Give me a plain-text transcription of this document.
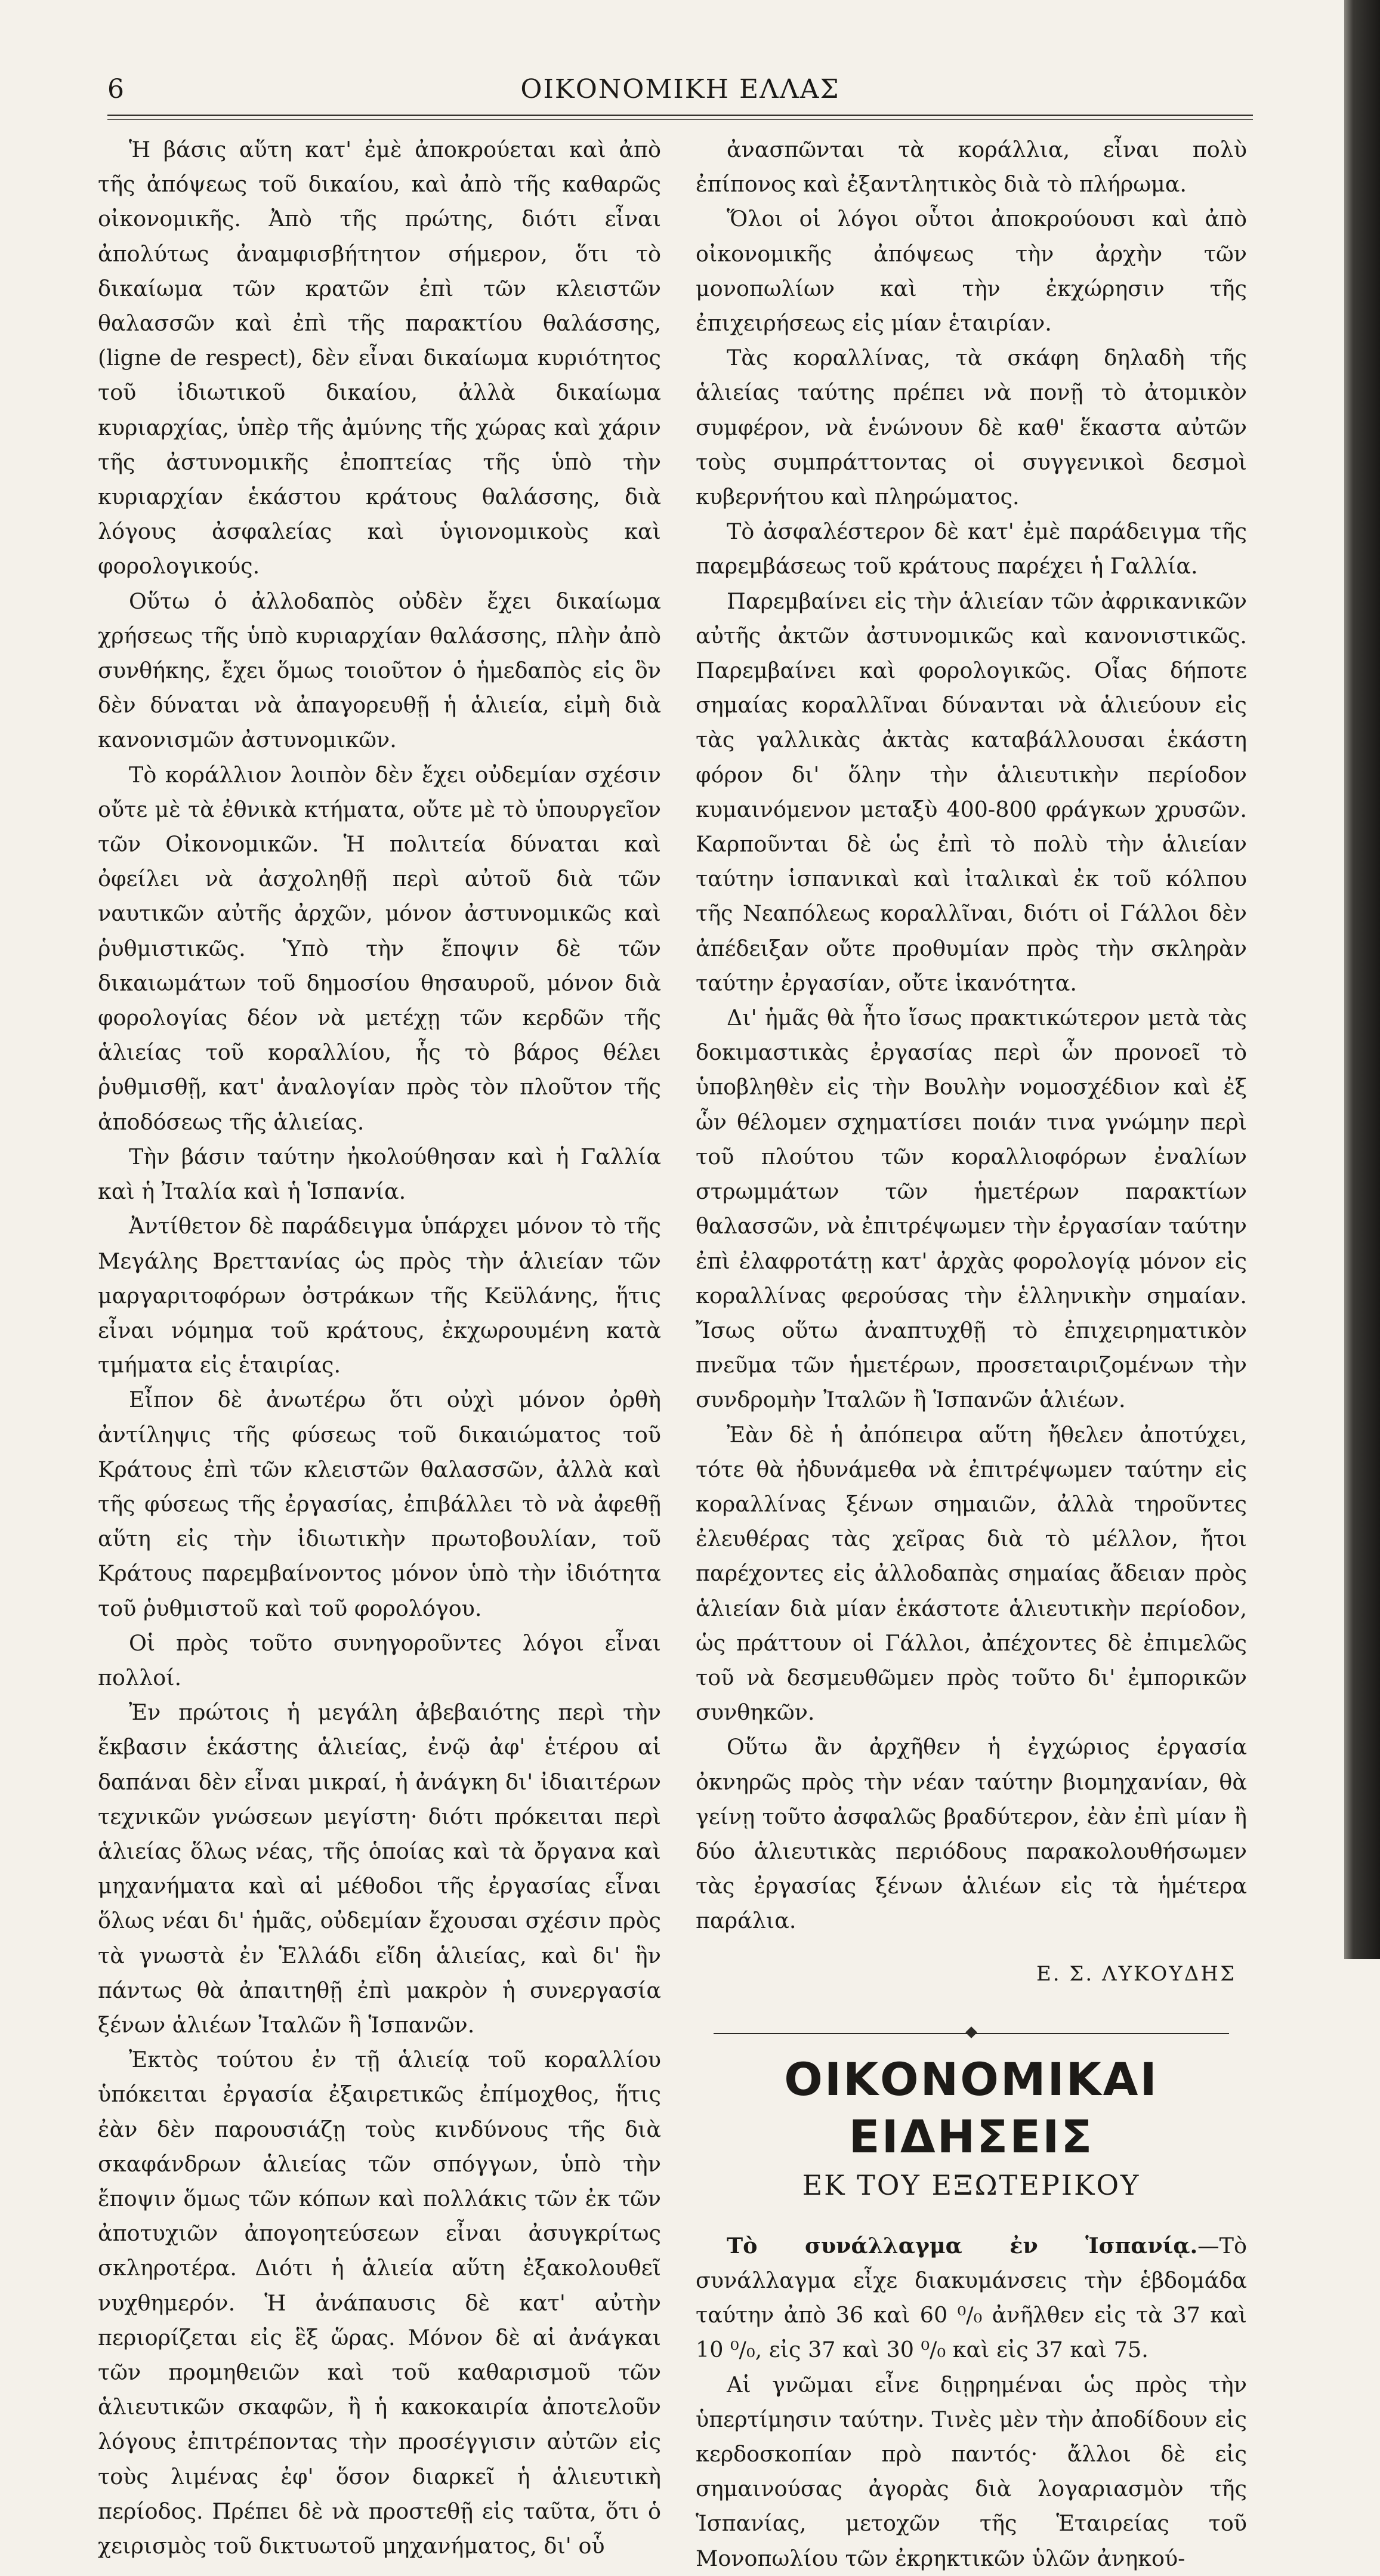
6	ΟΙΚΟΝΟΜΙΚΗ ΕΛΛΑΣ

Ἡ βάσις αὕτη κατ' ἐμὲ ἀποκρούεται καὶ ἀπὸ τῆς ἀπόψεως τοῦ δικαίου, καὶ ἀπὸ τῆς καθαρῶς οἰκονομικῆς. Ἀπὸ τῆς πρώτης, διότι εἶναι ἀπολύτως ἀναμφισβήτητον σήμερον, ὅτι τὸ δικαίωμα τῶν κρατῶν ἐπὶ τῶν κλειστῶν θαλασσῶν καὶ ἐπὶ τῆς παρακτίου θαλάσσης, (ligne de respect), δὲν εἶναι δικαίωμα κυριότητος τοῦ ἰδιωτικοῦ δικαίου, ἀλλὰ δικαίωμα κυριαρχίας, ὑπὲρ τῆς ἀμύνης τῆς χώρας καὶ χάριν τῆς ἀστυνομικῆς ἐποπτείας τῆς ὑπὸ τὴν κυριαρχίαν ἑκάστου κράτους θαλάσσης, διὰ λόγους ἀσφαλείας καὶ ὑγιονομικοὺς καὶ φορολογικούς.

Οὕτω ὁ ἀλλοδαπὸς οὐδὲν ἔχει δικαίωμα χρήσεως τῆς ὑπὸ κυριαρχίαν θαλάσσης, πλὴν ἀπὸ συνθήκης, ἔχει ὅμως τοιοῦτον ὁ ἡμεδαπὸς εἰς ὃν δὲν δύναται νὰ ἀπαγορευθῇ ἡ ἁλιεία, εἰμὴ διὰ κανονισμῶν ἀστυνομικῶν.

Τὸ κοράλλιον λοιπὸν δὲν ἔχει οὐδεμίαν σχέσιν οὔτε μὲ τὰ ἐθνικὰ κτήματα, οὔτε μὲ τὸ ὑπουργεῖον τῶν Οἰκονομικῶν. Ἡ πολιτεία δύναται καὶ ὀφείλει νὰ ἀσχοληθῇ περὶ αὐτοῦ διὰ τῶν ναυτικῶν αὐτῆς ἀρχῶν, μόνον ἀστυνομικῶς καὶ ῥυθμιστικῶς. Ὑπὸ τὴν ἔποψιν δὲ τῶν δικαιωμάτων τοῦ δημοσίου θησαυροῦ, μόνον διὰ φορολογίας δέον νὰ μετέχῃ τῶν κερδῶν τῆς ἁλιείας τοῦ κοραλλίου, ἧς τὸ βάρος θέλει ῥυθμισθῇ, κατ' ἀναλογίαν πρὸς τὸν πλοῦτον τῆς ἀποδόσεως τῆς ἁλιείας.

Τὴν βάσιν ταύτην ἠκολούθησαν καὶ ἡ Γαλλία καὶ ἡ Ἰταλία καὶ ἡ Ἱσπανία.

Ἀντίθετον δὲ παράδειγμα ὑπάρχει μόνον τὸ τῆς Μεγάλης Βρεττανίας ὡς πρὸς τὴν ἁλιείαν τῶν μαργαριτοφόρων ὀστράκων τῆς Κεϋλάνης, ἥτις εἶναι νόμημα τοῦ κράτους, ἐκχωρουμένη κατὰ τμήματα εἰς ἑταιρίας.

Εἶπον δὲ ἀνωτέρω ὅτι οὐχὶ μόνον ὀρθὴ ἀντίληψις τῆς φύσεως τοῦ δικαιώματος τοῦ Κράτους ἐπὶ τῶν κλειστῶν θαλασσῶν, ἀλλὰ καὶ τῆς φύσεως τῆς ἐργασίας, ἐπιβάλλει τὸ νὰ ἀφεθῇ αὕτη εἰς τὴν ἰδιωτικὴν πρωτοβουλίαν, τοῦ Κράτους παρεμβαίνοντος μόνον ὑπὸ τὴν ἰδιότητα τοῦ ῥυθμιστοῦ καὶ τοῦ φορολόγου.

Οἱ πρὸς τοῦτο συνηγοροῦντες λόγοι εἶναι πολλοί.

Ἐν πρώτοις ἡ μεγάλη ἀβεβαιότης περὶ τὴν ἔκβασιν ἑκάστης ἁλιείας, ἐνῷ ἀφ' ἑτέρου αἱ δαπάναι δὲν εἶναι μικραί, ἡ ἀνάγκη δι' ἰδιαιτέρων τεχνικῶν γνώσεων μεγίστη· διότι πρόκειται περὶ ἁλιείας ὅλως νέας, τῆς ὁποίας καὶ τὰ ὄργανα καὶ μηχανήματα καὶ αἱ μέθοδοι τῆς ἐργασίας εἶναι ὅλως νέαι δι' ἡμᾶς, οὐδεμίαν ἔχουσαι σχέσιν πρὸς τὰ γνωστὰ ἐν Ἑλλάδι εἴδη ἁλιείας, καὶ δι' ἣν πάντως θὰ ἀπαιτηθῇ ἐπὶ μακρὸν ἡ συνεργασία ξένων ἁλιέων Ἰταλῶν ἢ Ἱσπανῶν.

Ἐκτὸς τούτου ἐν τῇ ἁλιείᾳ τοῦ κοραλλίου ὑπόκειται ἐργασία ἐξαιρετικῶς ἐπίμοχθος, ἥτις ἐὰν δὲν παρουσιάζῃ τοὺς κινδύνους τῆς διὰ σκαφάνδρων ἁλιείας τῶν σπόγγων, ὑπὸ τὴν ἔποψιν ὅμως τῶν κόπων καὶ πολλάκις τῶν ἐκ τῶν ἀποτυχιῶν ἀπογοητεύσεων εἶναι ἀσυγκρίτως σκληροτέρα. Διότι ἡ ἁλιεία αὕτη ἐξακολουθεῖ νυχθημερόν. Ἡ ἀνάπαυσις δὲ κατ' αὐτὴν περιορίζεται εἰς ἓξ ὥρας. Μόνον δὲ αἱ ἀνάγκαι τῶν προμηθειῶν καὶ τοῦ καθαρισμοῦ τῶν ἁλιευτικῶν σκαφῶν, ἢ ἡ κακοκαιρία ἀποτελοῦν λόγους ἐπιτρέποντας τὴν προσέγγισιν αὐτῶν εἰς τοὺς λιμένας ἐφ' ὅσον διαρκεῖ ἡ ἁλιευτικὴ περίοδος. Πρέπει δὲ νὰ προστεθῇ εἰς ταῦτα, ὅτι ὁ χειρισμὸς τοῦ δικτυωτοῦ μηχανήματος, δι' οὗ

ἀνασπῶνται τὰ κοράλλια, εἶναι πολὺ ἐπίπονος καὶ ἐξαντλητικὸς διὰ τὸ πλήρωμα.

Ὅλοι οἱ λόγοι οὗτοι ἀποκρούουσι καὶ ἀπὸ οἰκονομικῆς ἀπόψεως τὴν ἀρχὴν τῶν μονοπωλίων καὶ τὴν ἐκχώρησιν τῆς ἐπιχειρήσεως εἰς μίαν ἑταιρίαν.

Τὰς κοραλλίνας, τὰ σκάφη δηλαδὴ τῆς ἁλιείας ταύτης πρέπει νὰ πονῇ τὸ ἀτομικὸν συμφέρον, νὰ ἑνώνουν δὲ καθ' ἕκαστα αὐτῶν τοὺς συμπράττοντας οἱ συγγενικοὶ δεσμοὶ κυβερνήτου καὶ πληρώματος.

Τὸ ἀσφαλέστερον δὲ κατ' ἐμὲ παράδειγμα τῆς παρεμβάσεως τοῦ κράτους παρέχει ἡ Γαλλία.

Παρεμβαίνει εἰς τὴν ἁλιείαν τῶν ἀφρικανικῶν αὐτῆς ἀκτῶν ἀστυνομικῶς καὶ κανονιστικῶς. Παρεμβαίνει καὶ φορολογικῶς. Οἷας δήποτε σημαίας κοραλλῖναι δύνανται νὰ ἁλιεύουν εἰς τὰς γαλλικὰς ἀκτὰς καταβάλλουσαι ἑκάστη φόρον δι' ὅλην τὴν ἁλιευτικὴν περίοδον κυμαινόμενον μεταξὺ 400-800 φράγκων χρυσῶν. Καρποῦνται δὲ ὡς ἐπὶ τὸ πολὺ τὴν ἁλιείαν ταύτην ἱσπανικαὶ καὶ ἰταλικαὶ ἐκ τοῦ κόλπου τῆς Νεαπόλεως κοραλλῖναι, διότι οἱ Γάλλοι δὲν ἀπέδειξαν οὔτε προθυμίαν πρὸς τὴν σκληρὰν ταύτην ἐργασίαν, οὔτε ἱκανότητα.

Δι' ἡμᾶς θὰ ἦτο ἴσως πρακτικώτερον μετὰ τὰς δοκιμαστικὰς ἐργασίας περὶ ὧν προνοεῖ τὸ ὑποβληθὲν εἰς τὴν Βουλὴν νομοσχέδιον καὶ ἐξ ὧν θέλομεν σχηματίσει ποιάν τινα γνώμην περὶ τοῦ πλούτου τῶν κοραλλιοφόρων ἐναλίων στρωμμάτων τῶν ἡμετέρων παρακτίων θαλασσῶν, νὰ ἐπιτρέψωμεν τὴν ἐργασίαν ταύτην ἐπὶ ἐλαφροτάτῃ κατ' ἀρχὰς φορολογίᾳ μόνον εἰς κοραλλίνας φερούσας τὴν ἑλληνικὴν σημαίαν. Ἴσως οὕτω ἀναπτυχθῇ τὸ ἐπιχειρηματικὸν πνεῦμα τῶν ἡμετέρων, προσεταιριζομένων τὴν συνδρομὴν Ἰταλῶν ἢ Ἱσπανῶν ἁλιέων.

Ἐὰν δὲ ἡ ἀπόπειρα αὕτη ἤθελεν ἀποτύχει, τότε θὰ ἠδυνάμεθα νὰ ἐπιτρέψωμεν ταύτην εἰς κοραλλίνας ξένων σημαιῶν, ἀλλὰ τηροῦντες ἐλευθέρας τὰς χεῖρας διὰ τὸ μέλλον, ἤτοι παρέχοντες εἰς ἀλλοδαπὰς σημαίας ἄδειαν πρὸς ἁλιείαν διὰ μίαν ἑκάστοτε ἁλιευτικὴν περίοδον, ὡς πράττουν οἱ Γάλλοι, ἀπέχοντες δὲ ἐπιμελῶς τοῦ νὰ δεσμευθῶμεν πρὸς τοῦτο δι' ἐμπορικῶν συνθηκῶν.

Οὕτω ἂν ἀρχῆθεν ἡ ἐγχώριος ἐργασία ὀκνηρῶς πρὸς τὴν νέαν ταύτην βιομηχανίαν, θὰ γείνῃ τοῦτο ἀσφαλῶς βραδύτερον, ἐὰν ἐπὶ μίαν ἢ δύο ἁλιευτικὰς περιόδους παρακολουθήσωμεν τὰς ἐργασίας ξένων ἁλιέων εἰς τὰ ἡμέτερα παράλια.

Ε. Σ. ΛΥΚΟΥΔΗΣ
ΟΙΚΟΝΟΜΙΚΑΙ ΕΙΔΗΣΕΙΣ
ΕΚ ΤΟΥ ΕΞΩΤΕΡΙΚΟΥ

Τὸ συνάλλαγμα ἐν Ἱσπανίᾳ.—Τὸ συνάλλαγμα εἶχε διακυμάνσεις τὴν ἑβδομάδα ταύτην ἀπὸ 36 καὶ 60 ⁰/₀ ἀνῆλθεν εἰς τὰ 37 καὶ 10 ⁰/₀, εἰς 37 καὶ 30 ⁰/₀ καὶ εἰς 37 καὶ 75.

Αἱ γνῶμαι εἶνε διῃρημέναι ὡς πρὸς τὴν ὑπερτίμησιν ταύτην. Τινὲς μὲν τὴν ἀποδίδουν εἰς κερδοσκοπίαν πρὸ παντός· ἄλλοι δὲ εἰς σημαινούσας ἀγορὰς διὰ λογαριασμὸν τῆς Ἱσπανίας, μετοχῶν τῆς Ἑταιρείας τοῦ Μονοπωλίου τῶν ἐκρηκτικῶν ὑλῶν ἀνηκού-
